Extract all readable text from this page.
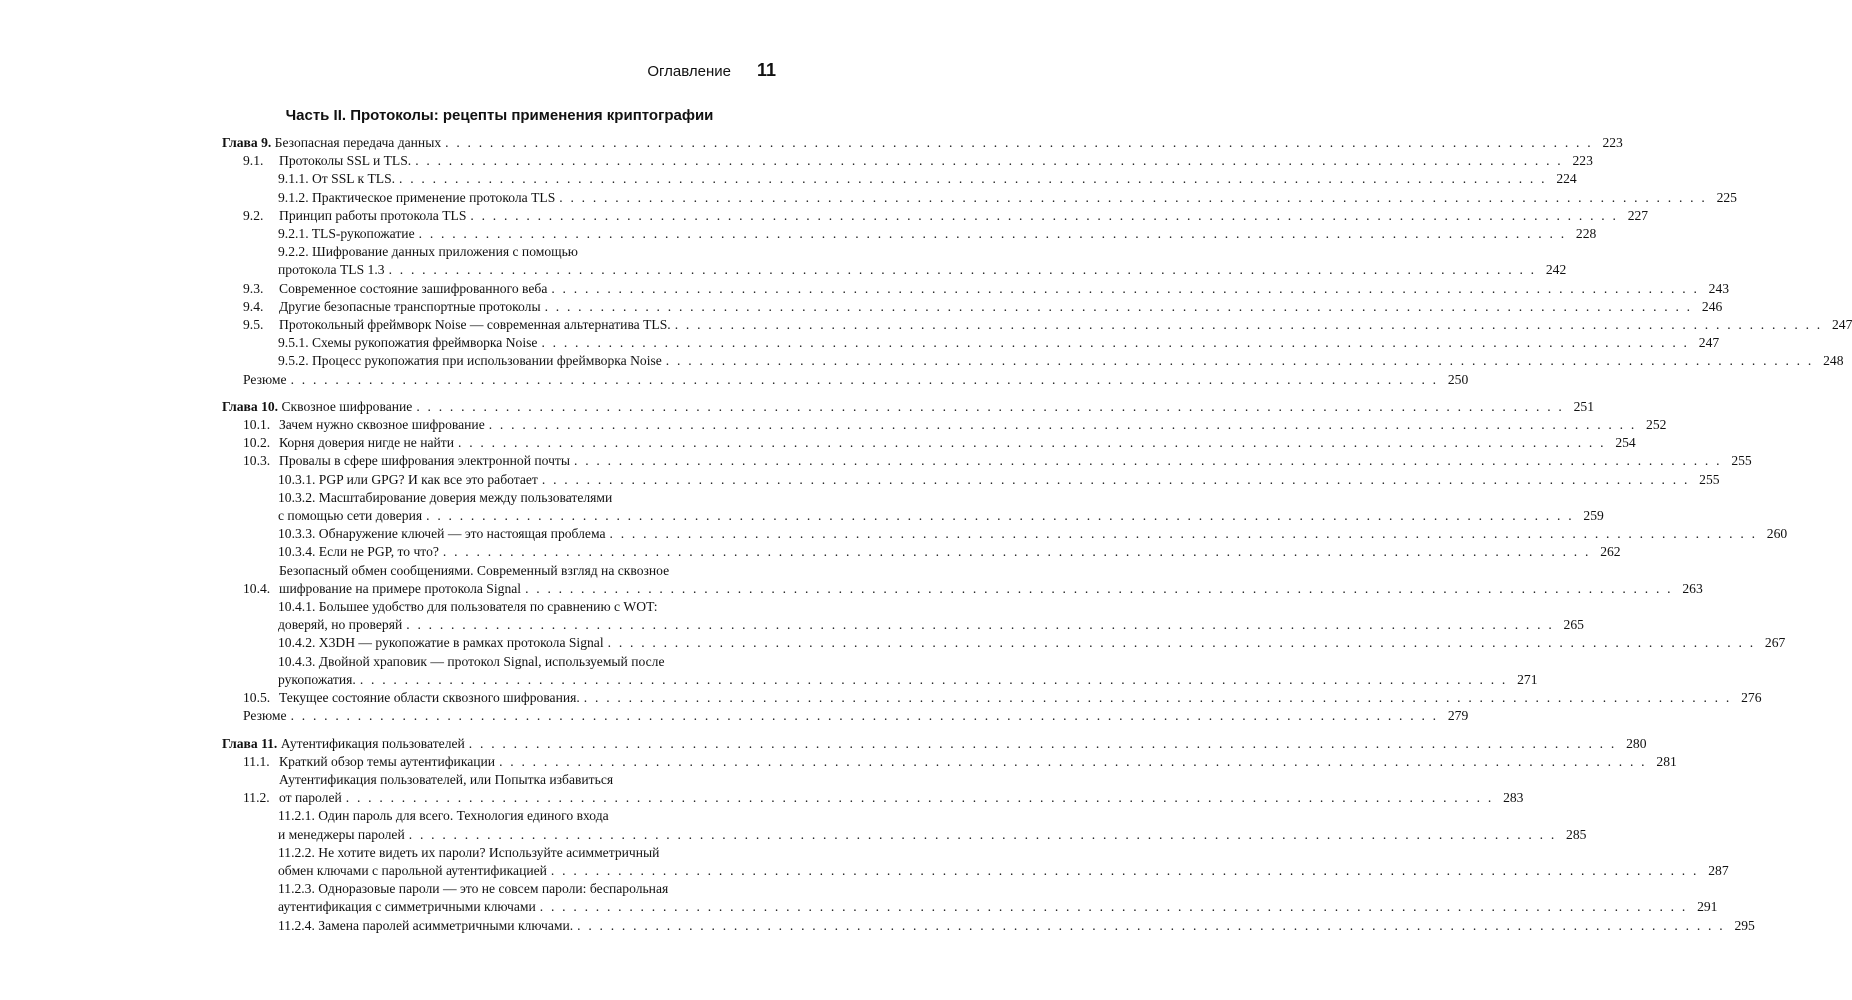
Оглавление 11
Часть II. Протоколы: рецепты применения криптографии
Глава 9. Безопасная передача данных . . .	223
9.1.	Протоколы SSL и TLS. . . .	223
9.1.1. От SSL к TLS. . . .	224
9.1.2. Практическое применение протокола TLS . . .	225
9.2.	Принцип работы протокола TLS . . .	227
9.2.1. TLS-рукопожатие . . .	228
9.2.2. Шифрование данных приложения с помощью
протокола TLS 1.3 . . .	242
9.3.	Современное состояние зашифрованного веба . . .	243
9.4.	Другие безопасные транспортные протоколы . . .	246
9.5.	Протокольный фреймворк Noise — современная альтернатива TLS. . . .	247
9.5.1. Схемы рукопожатия фреймворка Noise . . .	247
9.5.2. Процесс рукопожатия при использовании фреймворка Noise . . .	248
Резюме . . .	250
Глава 10. Сквозное шифрование . . .	251
10.1. Зачем нужно сквозное шифрование . . .	252
10.2. Корня доверия нигде не найти . . .	254
10.3. Провалы в сфере шифрования электронной почты . . .	255
10.3.1. PGP или GPG? И как все это работает . . .	255
10.3.2. Масштабирование доверия между пользователями
с помощью сети доверия . . .	259
10.3.3. Обнаружение ключей — это настоящая проблема . . .	260
10.3.4. Если не PGP, то что? . . .	262
10.4.
Безопасный обмен сообщениями. Современный взгляд на сквозное
шифрование на примере протокола Signal . . .	263
10.4.1. Большее удобство для пользователя по сравнению с WOT:
доверяй, но проверяй . . .	265
10.4.2. X3DH — рукопожатие в рамках протокола Signal . . .	267
10.4.3. Двойной храповик — протокол Signal, используемый после
рукопожатия. . . .	271
10.5. Текущее состояние области сквозного шифрования. . . .	276
Резюме . . .	279
Глава 11. Аутентификация пользователей . . .	280
11.1. Краткий обзор темы аутентификации . . .	281
11.2.
Аутентификация пользователей, или Попытка избавиться
от паролей . . .	283
11.2.1. Один пароль для всего. Технология единого входа
и менеджеры паролей . . .	285
11.2.2. Не хотите видеть их пароли? Используйте асимметричный
обмен ключами с парольной аутентификацией . . .	287
11.2.3. Одноразовые пароли — это не совсем пароли: беспарольная
аутентификация с симметричными ключами . . .	291
11.2.4. Замена паролей асимметричными ключами. . . .	295
